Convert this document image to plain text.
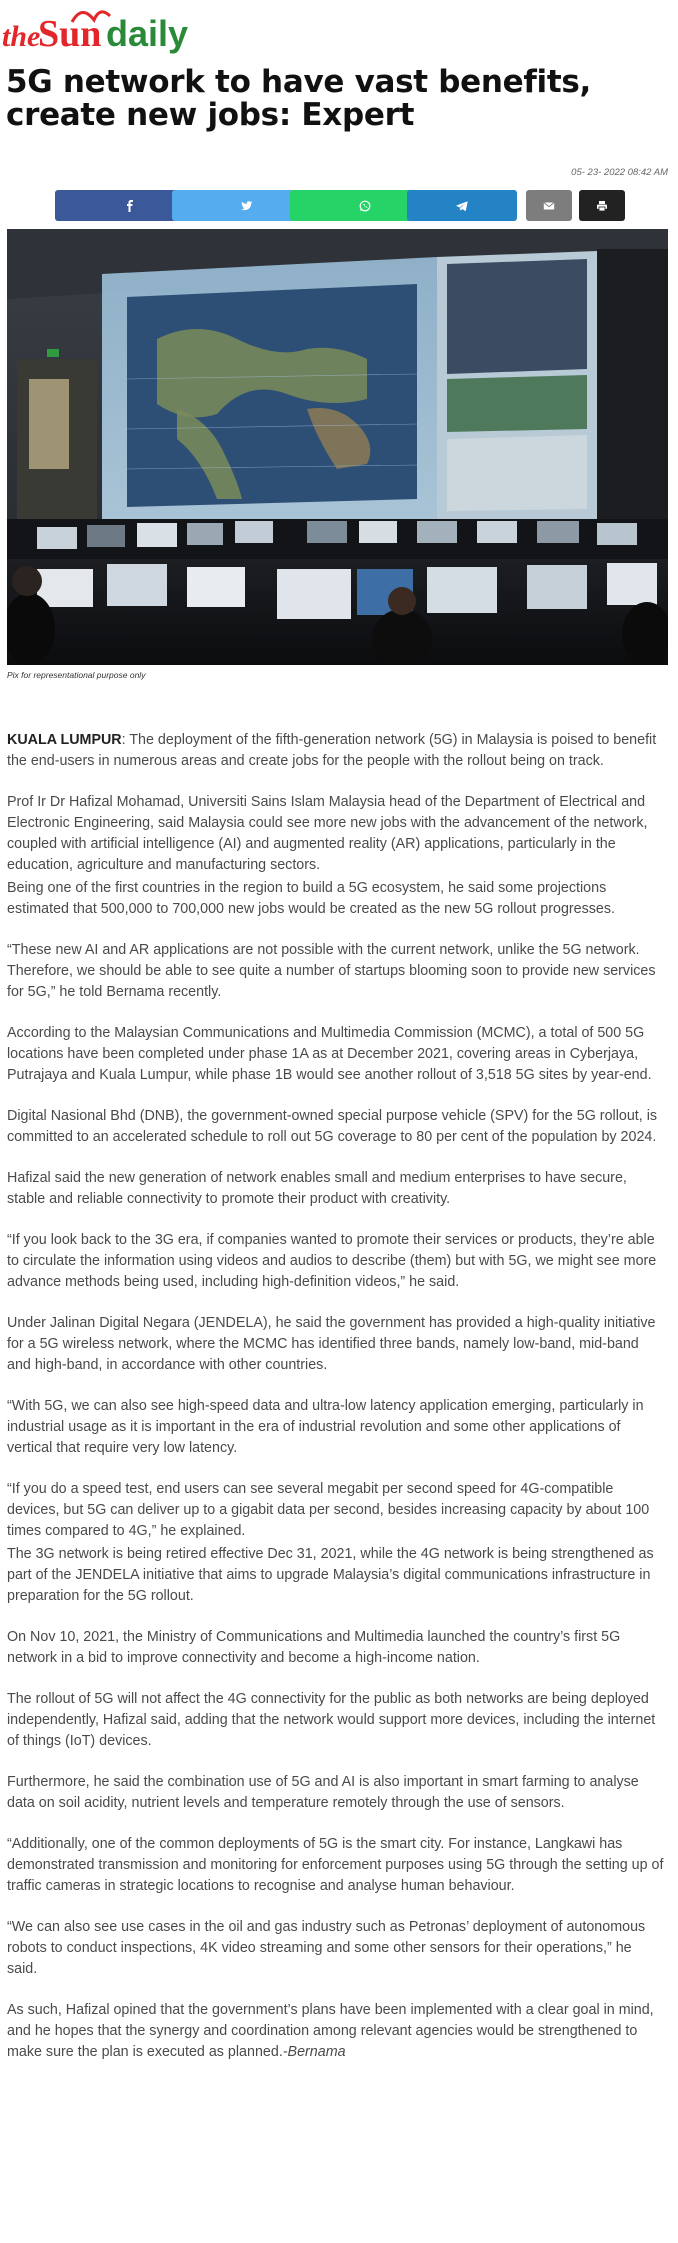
the
Sun daily
5G network to have vast benefits, create new jobs: Expert
05- 23- 2022 08:42 AM
Pix for representational purpose only

KUALA LUMPUR: The deployment of the fifth-generation network (5G) in Malaysia is poised to benefit the end-users in numerous areas and create jobs for the people with the rollout being on track.

Prof Ir Dr Hafizal Mohamad, Universiti Sains Islam Malaysia head of the Department of Electrical and Electronic Engineering, said Malaysia could see more new jobs with the advancement of the network, coupled with artificial intelligence (AI) and augmented reality (AR) applications, particularly in the education, agriculture and manufacturing sectors.

Being one of the first countries in the region to build a 5G ecosystem, he said some projections estimated that 500,000 to 700,000 new jobs would be created as the new 5G rollout progresses.

“These new AI and AR applications are not possible with the current network, unlike the 5G network. Therefore, we should be able to see quite a number of startups blooming soon to provide new services for 5G,” he told Bernama recently.

According to the Malaysian Communications and Multimedia Commission (MCMC), a total of 500 5G locations have been completed under phase 1A as at December 2021, covering areas in Cyberjaya, Putrajaya and Kuala Lumpur, while phase 1B would see another rollout of 3,518 5G sites by year-end.

Digital Nasional Bhd (DNB), the government-owned special purpose vehicle (SPV) for the 5G rollout, is committed to an accelerated schedule to roll out 5G coverage to 80 per cent of the population by 2024.

Hafizal said the new generation of network enables small and medium enterprises to have secure, stable and reliable connectivity to promote their product with creativity.

“If you look back to the 3G era, if companies wanted to promote their services or products, they’re able to circulate the information using videos and audios to describe (them) but with 5G, we might see more advance methods being used, including high-definition videos,” he said.

Under Jalinan Digital Negara (JENDELA), he said the government has provided a high-quality initiative for a 5G wireless network, where the MCMC has identified three bands, namely low-band, mid-band and high-band, in accordance with other countries.

“With 5G, we can also see high-speed data and ultra-low latency application emerging, particularly in industrial usage as it is important in the era of industrial revolution and some other applications of vertical that require very low latency.

“If you do a speed test, end users can see several megabit per second speed for 4G-compatible devices, but 5G can deliver up to a gigabit data per second, besides increasing capacity by about 100 times compared to 4G,” he explained.

The 3G network is being retired effective Dec 31, 2021, while the 4G network is being strengthened as part of the JENDELA initiative that aims to upgrade Malaysia’s digital communications infrastructure in preparation for the 5G rollout.

On Nov 10, 2021, the Ministry of Communications and Multimedia launched the country’s first 5G network in a bid to improve connectivity and become a high-income nation.

The rollout of 5G will not affect the 4G connectivity for the public as both networks are being deployed independently, Hafizal said, adding that the network would support more devices, including the internet of things (IoT) devices.

Furthermore, he said the combination use of 5G and AI is also important in smart farming to analyse data on soil acidity, nutrient levels and temperature remotely through the use of sensors.

“Additionally, one of the common deployments of 5G is the smart city. For instance, Langkawi has demonstrated transmission and monitoring for enforcement purposes using 5G through the setting up of traffic cameras in strategic locations to recognise and analyse human behaviour.

“We can also see use cases in the oil and gas industry such as Petronas’ deployment of autonomous robots to conduct inspections, 4K video streaming and some other sensors for their operations,” he said.

As such, Hafizal opined that the government’s plans have been implemented with a clear goal in mind, and he hopes that the synergy and coordination among relevant agencies would be strengthened to make sure the plan is executed as planned.-Bernama
